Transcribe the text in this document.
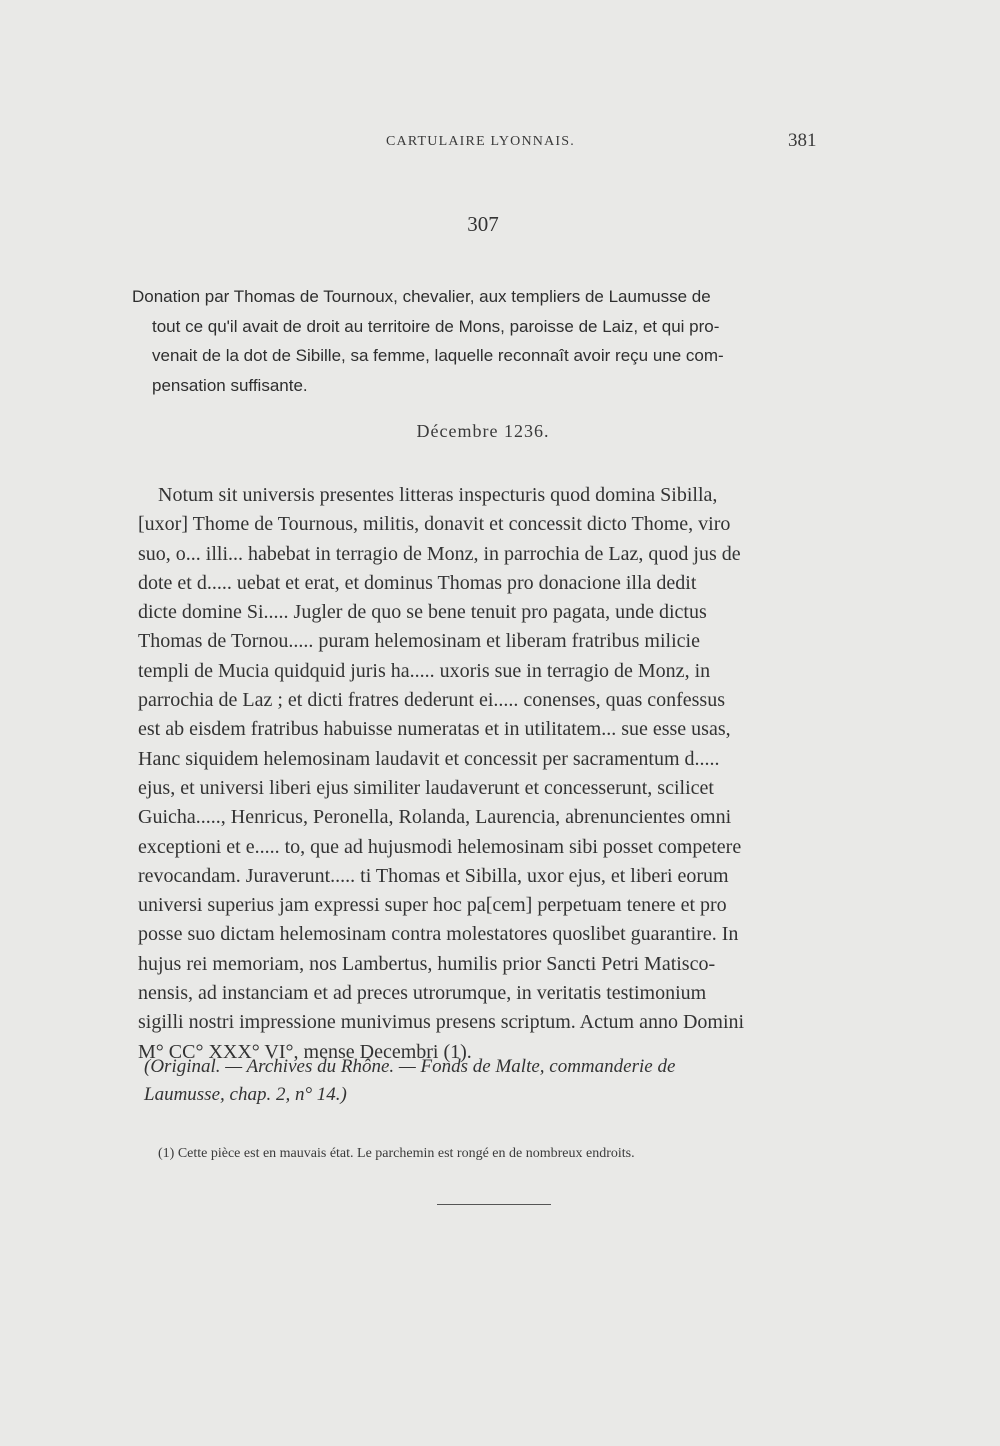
CARTULAIRE LYONNAIS.	381
307
Donation par Thomas de Tournoux, chevalier, aux templiers de Laumusse de
tout ce qu'il avait de droit au territoire de Mons, paroisse de Laiz, et qui pro-
venait de la dot de Sibille, sa femme, laquelle reconnaît avoir reçu une com-
pensation suffisante.
Décembre 1236.
Notum sit universis presentes litteras inspecturis quod domina Sibilla,
[uxor] Thome de Tournous, militis, donavit et concessit dicto Thome, viro
suo, o... illi... habebat in terragio de Monz, in parrochia de Laz, quod jus de
dote et d..... uebat et erat, et dominus Thomas pro donacione illa dedit
dicte domine Si..... Jugler de quo se bene tenuit pro pagata, unde dictus
Thomas de Tornou..... puram helemosinam et liberam fratribus milicie
templi de Mucia quidquid juris ha..... uxoris sue in terragio de Monz, in
parrochia de Laz ; et dicti fratres dederunt ei..... conenses, quas confessus
est ab eisdem fratribus habuisse numeratas et in utilitatem... sue esse usas,
Hanc siquidem helemosinam laudavit et concessit per sacramentum d.....
ejus, et universi liberi ejus similiter laudaverunt et concesserunt, scilicet
Guicha....., Henricus, Peronella, Rolanda, Laurencia, abrenuncientes omni
exceptioni et e..... to, que ad hujusmodi helemosinam sibi posset competere
revocandam. Juraverunt..... ti Thomas et Sibilla, uxor ejus, et liberi eorum
universi superius jam expressi super hoc pa[cem] perpetuam tenere et pro
posse suo dictam helemosinam contra molestatores quoslibet guarantire. In
hujus rei memoriam, nos Lambertus, humilis prior Sancti Petri Matisco-
nensis, ad instanciam et ad preces utrorumque, in veritatis testimonium
sigilli nostri impressione munivimus presens scriptum. Actum anno Domini
M° CC° XXX° VI°, mense Decembri (1).
(Original. — Archives du Rhône. — Fonds de Malte, commanderie de
Laumusse, chap. 2, n° 14.)
(1) Cette pièce est en mauvais état. Le parchemin est rongé en de nombreux endroits.
